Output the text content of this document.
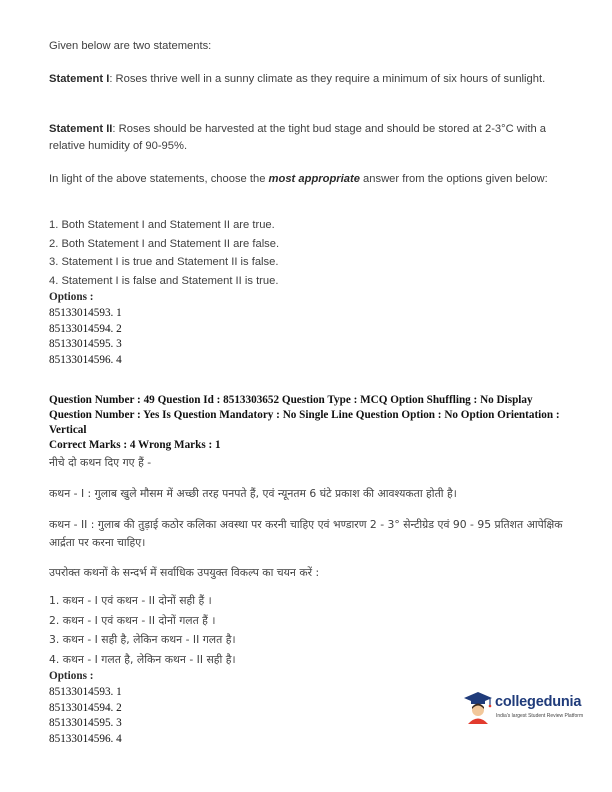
Given below are two statements:

Statement I: Roses thrive well in a sunny climate as they require a minimum of six hours of sunlight.

Statement II: Roses should be harvested at the tight bud stage and should be stored at 2-3°C with a relative humidity of 90-95%.

In light of the above statements, choose the most appropriate answer from the options given below:

1. Both Statement I and Statement II are true.
2. Both Statement I and Statement II are false.
3. Statement I is true and Statement II is false.
4. Statement I is false and Statement II is true.
Options :
85133014593. 1
85133014594. 2
85133014595. 3
85133014596. 4

Question Number : 49 Question Id : 8513303652 Question Type : MCQ Option Shuffling : No Display Question Number : Yes Is Question Mandatory : No Single Line Question Option : No Option Orientation : Vertical

Correct Marks : 4 Wrong Marks : 1

नीचे दो कथन दिए गए हैं -

कथन - I : गुलाब खुले मौसम में अच्छी तरह पनपते हैं, एवं न्यूनतम 6 घंटे प्रकाश की आवश्यकता होती है।

कथन - II : गुलाब की तुड़ाई कठोर कलिका अवस्था पर करनी चाहिए एवं भण्डारण 2 - 3° सेन्टीग्रेड एवं 90 - 95 प्रतिशत आपेक्षिक आर्द्रता पर करना चाहिए।

उपरोक्त कथनों के सन्दर्भ में सर्वाधिक उपयुक्त विकल्प का चयन करें :

1. कथन - I एवं कथन - II दोनों सही हैं ।
2. कथन - I एवं कथन - II दोनों गलत हैं ।
3. कथन - I सही है, लेकिन कथन - II गलत है।
4. कथन - I गलत है, लेकिन कथन - II सही है।
Options :
85133014593. 1
85133014594. 2
85133014595. 3
85133014596. 4
collegedunia
India's largest Student Review Platform
